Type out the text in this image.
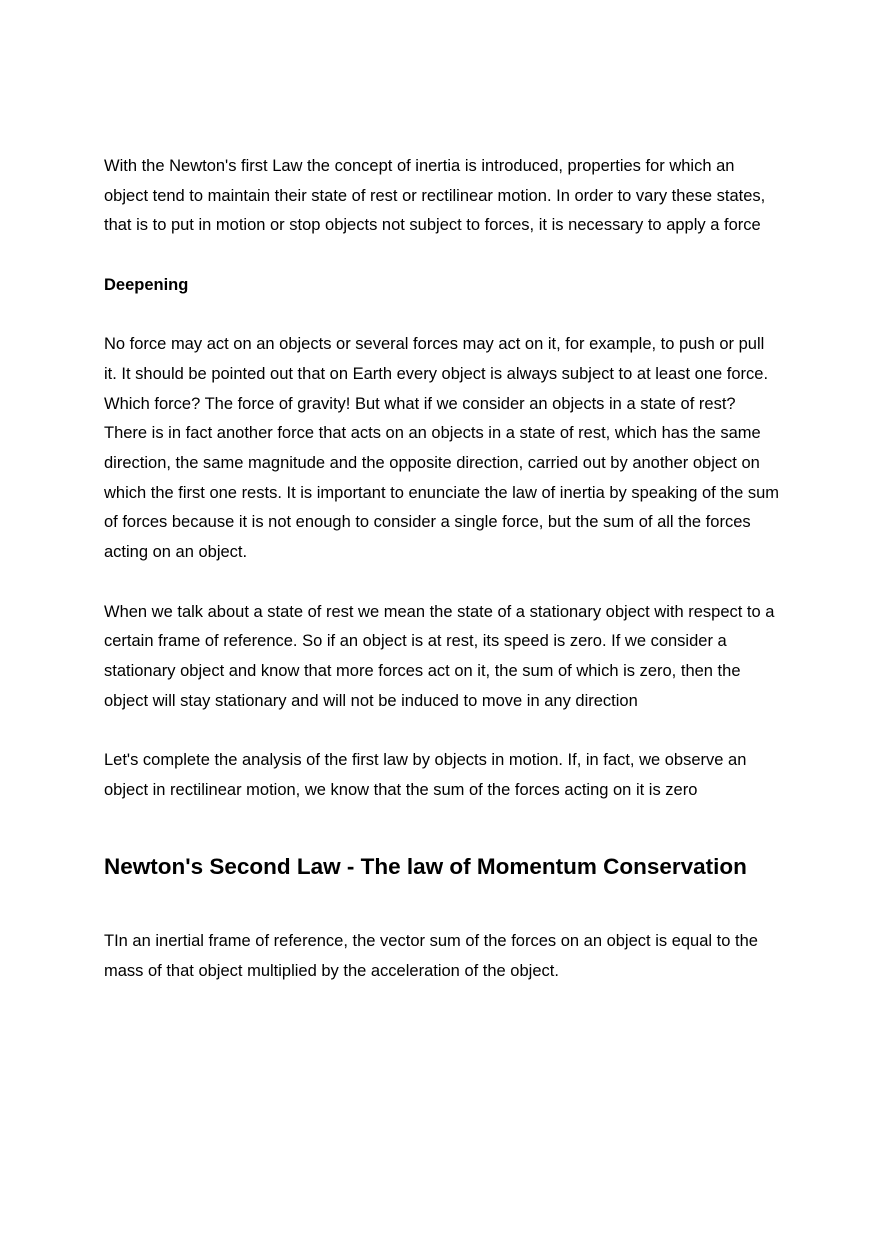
With the Newton's first Law the concept of inertia is introduced, properties for which an object tend to maintain their state of rest or rectilinear motion. In order to vary these states, that is to put in motion or stop objects not subject to forces, it is necessary to apply a force

Deepening

No force may act on an objects or several forces may act on it, for example, to push or pull it. It should be pointed out that on Earth every object is always subject to at least one force. Which force? The force of gravity! But what if we consider an objects in a state of rest? There is in fact another force that acts on an objects in a state of rest, which has the same direction, the same magnitude and the opposite direction, carried out by another object on which the first one rests. It is important to enunciate the law of inertia by speaking of the sum of forces because it is not enough to consider a single force, but the sum of all the forces acting on an object.

When we talk about a state of rest we mean the state of a stationary object with respect to a certain frame of reference. So if an object is at rest, its speed is zero. If we consider a stationary object and know that more forces act on it, the sum of which is zero, then the object will stay stationary and will not be induced to move in any direction

Let's complete the analysis of the first law by objects in motion. If, in fact, we observe an object in rectilinear motion, we know that the sum of the forces acting on it is zero

Newton's Second Law - The law of Momentum Conservation

TIn an inertial frame of reference, the vector sum of the forces on an object is equal to the mass of that object multiplied by the acceleration of the object.
